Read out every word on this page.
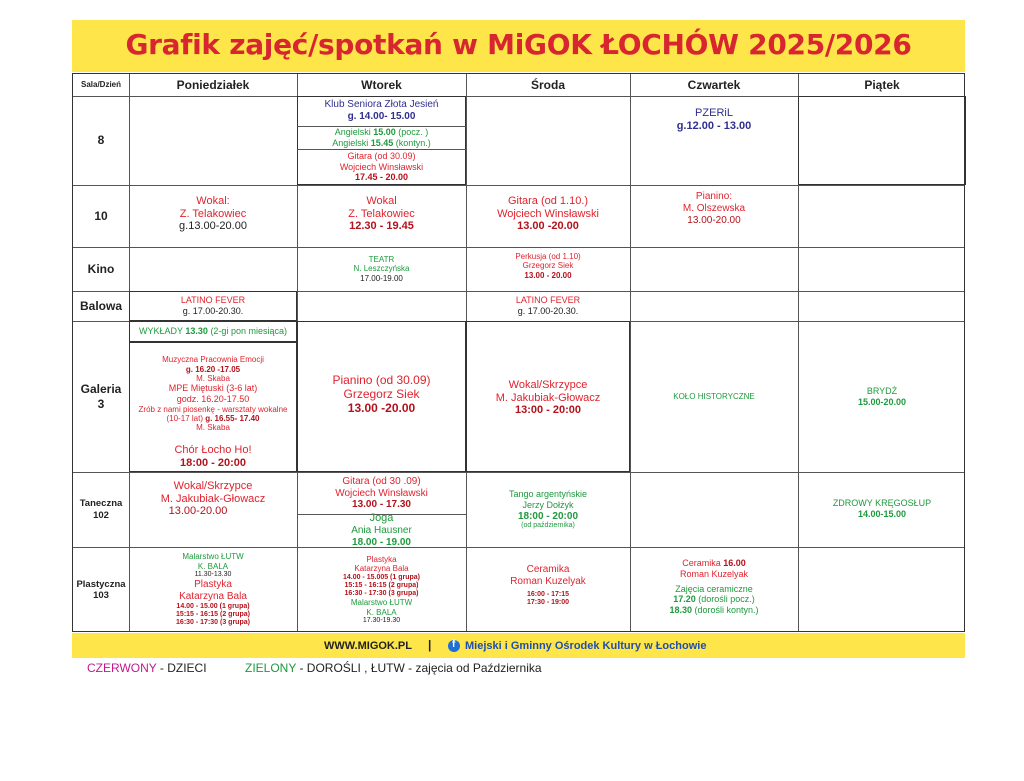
Grafik zajęć/spotkań w MiGOK ŁOCHÓW 2025/2026
Sala/Dzień	Poniedziałek	Wtorek	Środa	Czwartek	Piątek
8
10
Kino
Balowa
Galeria 3
Taneczna 102
Plastyczna 103
Klub Seniora Złota Jesień
g. 14.00- 15.00
Angielski 15.00 (pocz. )
Angielski 15.45 (kontyn.)
Gitara (od 30.09)
Wojciech Winsławski
17.45 - 20.00
PZERiL
g.12.00 - 13.00
Wokal:
Z. Telakowiec
g.13.00-20.00
Wokal
Z. Telakowiec
12.30 - 19.45
Gitara (od 1.10.)
Wojciech Winsławski
13.00 -20.00
Pianino:
M. Olszewska
13.00-20.00
TEATR
N. Leszczyńska
17.00-19.00
Perkusja (od 1.10)
Grzegorz Siek
13.00 - 20.00
LATINO FEVER
g. 17.00-20.30.
LATINO FEVER
g. 17.00-20.30.
WYKŁADY 13.30 (2-gi pon miesiąca)
Muzyczna Pracownia Emocji
g. 16.20 -17.05
M. Skaba
MPE Miętuski (3-6 lat)
godz. 16.20-17.50
Zrób z nami piosenkę - warsztaty wokalne
(10-17 lat) g. 16.55- 17.40
M. Skaba
Chór Łocho Ho!
18:00 - 20:00
Pianino (od 30.09)
Grzegorz Siek
13.00 -20.00
Wokal/Skrzypce
M. Jakubiak-Głowacz
13:00 - 20:00
KOŁO HISTORYCZNE
BRYDŻ
15.00-20.00
Wokal/Skrzypce
M. Jakubiak-Głowacz
13.00-20.00
Gitara (od 30 .09)
Wojciech Winsławski
13.00 - 17.30
Joga
Ania Hausner
18.00 - 19.00
Tango argentyńskie
Jerzy Dołżyk
18:00 - 20:00
(od października)
ZDROWY KRĘGOSŁUP
14.00-15.00
Malarstwo ŁUTW
K. BALA
11.30-13.30
Plastyka
Katarzyna Bala
14.00 - 15.00 (1 grupa)
15:15 - 16:15 (2 grupa)
16:30 - 17:30 (3 grupa)
Plastyka
Katarzyna Bala
14.00 - 15.005 (1 grupa)
15:15 - 16:15 (2 grupa)
16:30 - 17:30 (3 grupa)
Malarstwo ŁUTW
K. BALA
17.30-19.30
Ceramika
Roman Kuzelyak
16:00 - 17:15
17:30 - 19:00
Ceramika 16.00
Roman Kuzelyak
Zajęcia ceramiczne
17.20 (dorośli pocz.)
18.30 (dorośli kontyn.)
WWW.MIGOK.PL |
f	Miejski i Gminny Ośrodek Kultury w Łochowie
CZERWONY - DZIECI	ZIELONY - DOROŚLI , ŁUTW - zajęcia od Października
